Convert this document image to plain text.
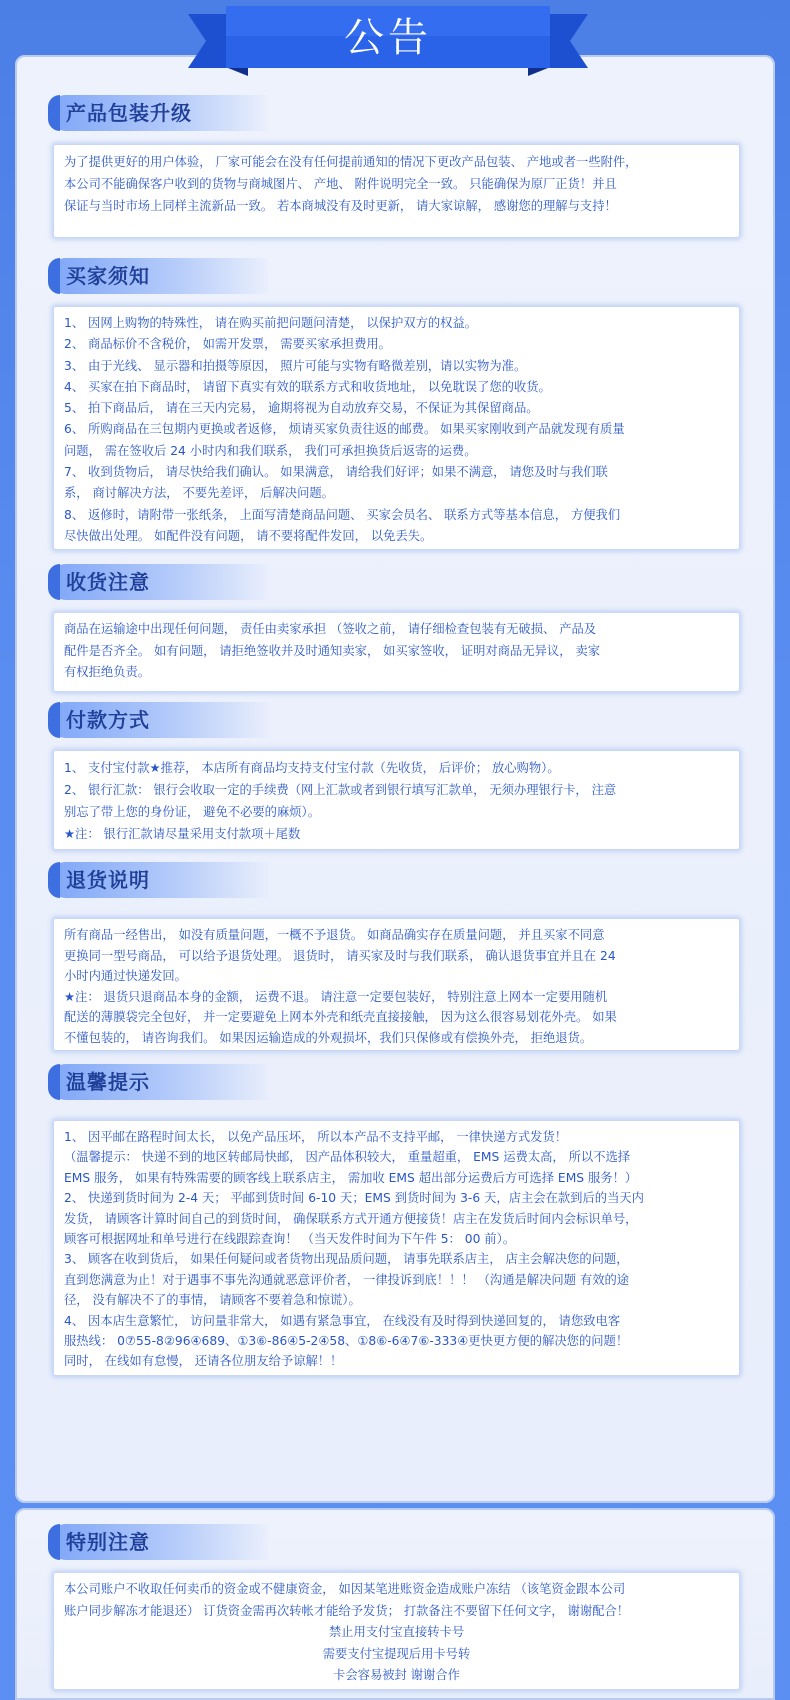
公告
产品包装升级

为了提供更好的用户体验， 厂家可能会在没有任何提前通知的情况下更改产品包装、 产地或者一些附件，

本公司不能确保客户收到的货物与商城图片、 产地、 附件说明完全一致。 只能确保为原厂正货！并且

保证与当时市场上同样主流新品一致。 若本商城没有及时更新， 请大家谅解， 感谢您的理解与支持！

买家须知

1、 因网上购物的特殊性， 请在购买前把问题问清楚， 以保护双方的权益。

2、 商品标价不含税价， 如需开发票， 需要买家承担费用。

3、 由于光线、 显示器和拍摄等原因， 照片可能与实物有略微差别，请以实物为准。

4、 买家在拍下商品时， 请留下真实有效的联系方式和收货地址， 以免耽误了您的收货。

5、 拍下商品后， 请在三天内完易， 逾期将视为自动放弃交易，不保证为其保留商品。

6、 所购商品在三包期内更换或者返修， 烦请买家负责往返的邮费。 如果买家刚收到产品就发现有质量

问题， 需在签收后 24 小时内和我们联系， 我们可承担换货后返寄的运费。

7、 收到货物后， 请尽快给我们确认。 如果满意， 请给我们好评；如果不满意， 请您及时与我们联

系， 商讨解决方法， 不要先差评， 后解决问题。

8、 返修时，请附带一张纸条， 上面写清楚商品问题、 买家会员名、 联系方式等基本信息， 方便我们

尽快做出处理。 如配件没有问题， 请不要将配件发回， 以免丢失。

收货注意

商品在运输途中出现任何问题， 责任由卖家承担 （签收之前， 请仔细检查包装有无破损、 产品及

配件是否齐全。 如有问题， 请拒绝签收并及时通知卖家， 如买家签收， 证明对商品无异议， 卖家

有权拒绝负责。

付款方式

1、 支付宝付款★推荐， 本店所有商品均支持支付宝付款（先收货， 后评价； 放心购物）。

2、 银行汇款： 银行会收取一定的手续费（网上汇款或者到银行填写汇款单， 无须办理银行卡， 注意

别忘了带上您的身份证， 避免不必要的麻烦）。

★注： 银行汇款请尽量采用支付款项＋尾数

退货说明

所有商品一经售出， 如没有质量问题，一概不予退货。 如商品确实存在质量问题， 并且买家不同意

更换同一型号商品， 可以给予退货处理。 退货时， 请买家及时与我们联系， 确认退货事宜并且在 24

小时内通过快递发回。

★注： 退货只退商品本身的金额， 运费不退。 请注意一定要包装好， 特别注意上网本一定要用随机

配送的薄膜袋完全包好， 并一定要避免上网本外壳和纸壳直接接触， 因为这么很容易划花外壳。 如果

不懂包装的， 请咨询我们。 如果因运输造成的外观损坏，我们只保修或有偿换外壳， 拒绝退货。

温馨提示

1、 因平邮在路程时间太长， 以免产品压坏， 所以本产品不支持平邮， 一律快递方式发货！

（温馨提示： 快递不到的地区转邮局快邮， 因产品体积较大， 重量超重， EMS 运费太高， 所以不选择

EMS 服务， 如果有特殊需要的顾客线上联系店主， 需加收 EMS 超出部分运费后方可选择 EMS 服务！）

2、 快递到货时间为 2-4 天； 平邮到货时间 6-10 天；EMS 到货时间为 3-6 天，店主会在款到后的当天内

发货， 请顾客计算时间自己的到货时间， 确保联系方式开通方便接货！店主在发货后时间内会标识单号，

顾客可根据网址和单号进行在线跟踪查询！ （当天发件时间为下午件 5： 00 前）。

3、 顾客在收到货后， 如果任何疑问或者货物出现品质问题， 请事先联系店主， 店主会解决您的问题，

直到您满意为止！对于遇事不事先沟通就恶意评价者， 一律投诉到底！！！ （沟通是解决问题 有效的途

径， 没有解决不了的事情， 请顾客不要着急和惊谎）。

4、 因本店生意繁忙， 访问量非常大， 如遇有紧急事宜， 在线没有及时得到快递回复的， 请您致电客

服热线： 0⑦55-8②96④689、①3⑥-86④5-2④58、①8⑥-6④7⑥-333④更快更方便的解决您的问题！

同时， 在线如有怠慢， 还请各位朋友给予谅解！！

特别注意

本公司账户不收取任何卖币的资金或不健康资金， 如因某笔进账资金造成账户冻结 （该笔资金跟本公司

账户同步解冻才能退还） 订货资金需再次转帐才能给予发货； 打款备注不要留下任何文字， 谢谢配合！

禁止用支付宝直接转卡号

需要支付宝提现后用卡号转

卡会容易被封 谢谢合作
